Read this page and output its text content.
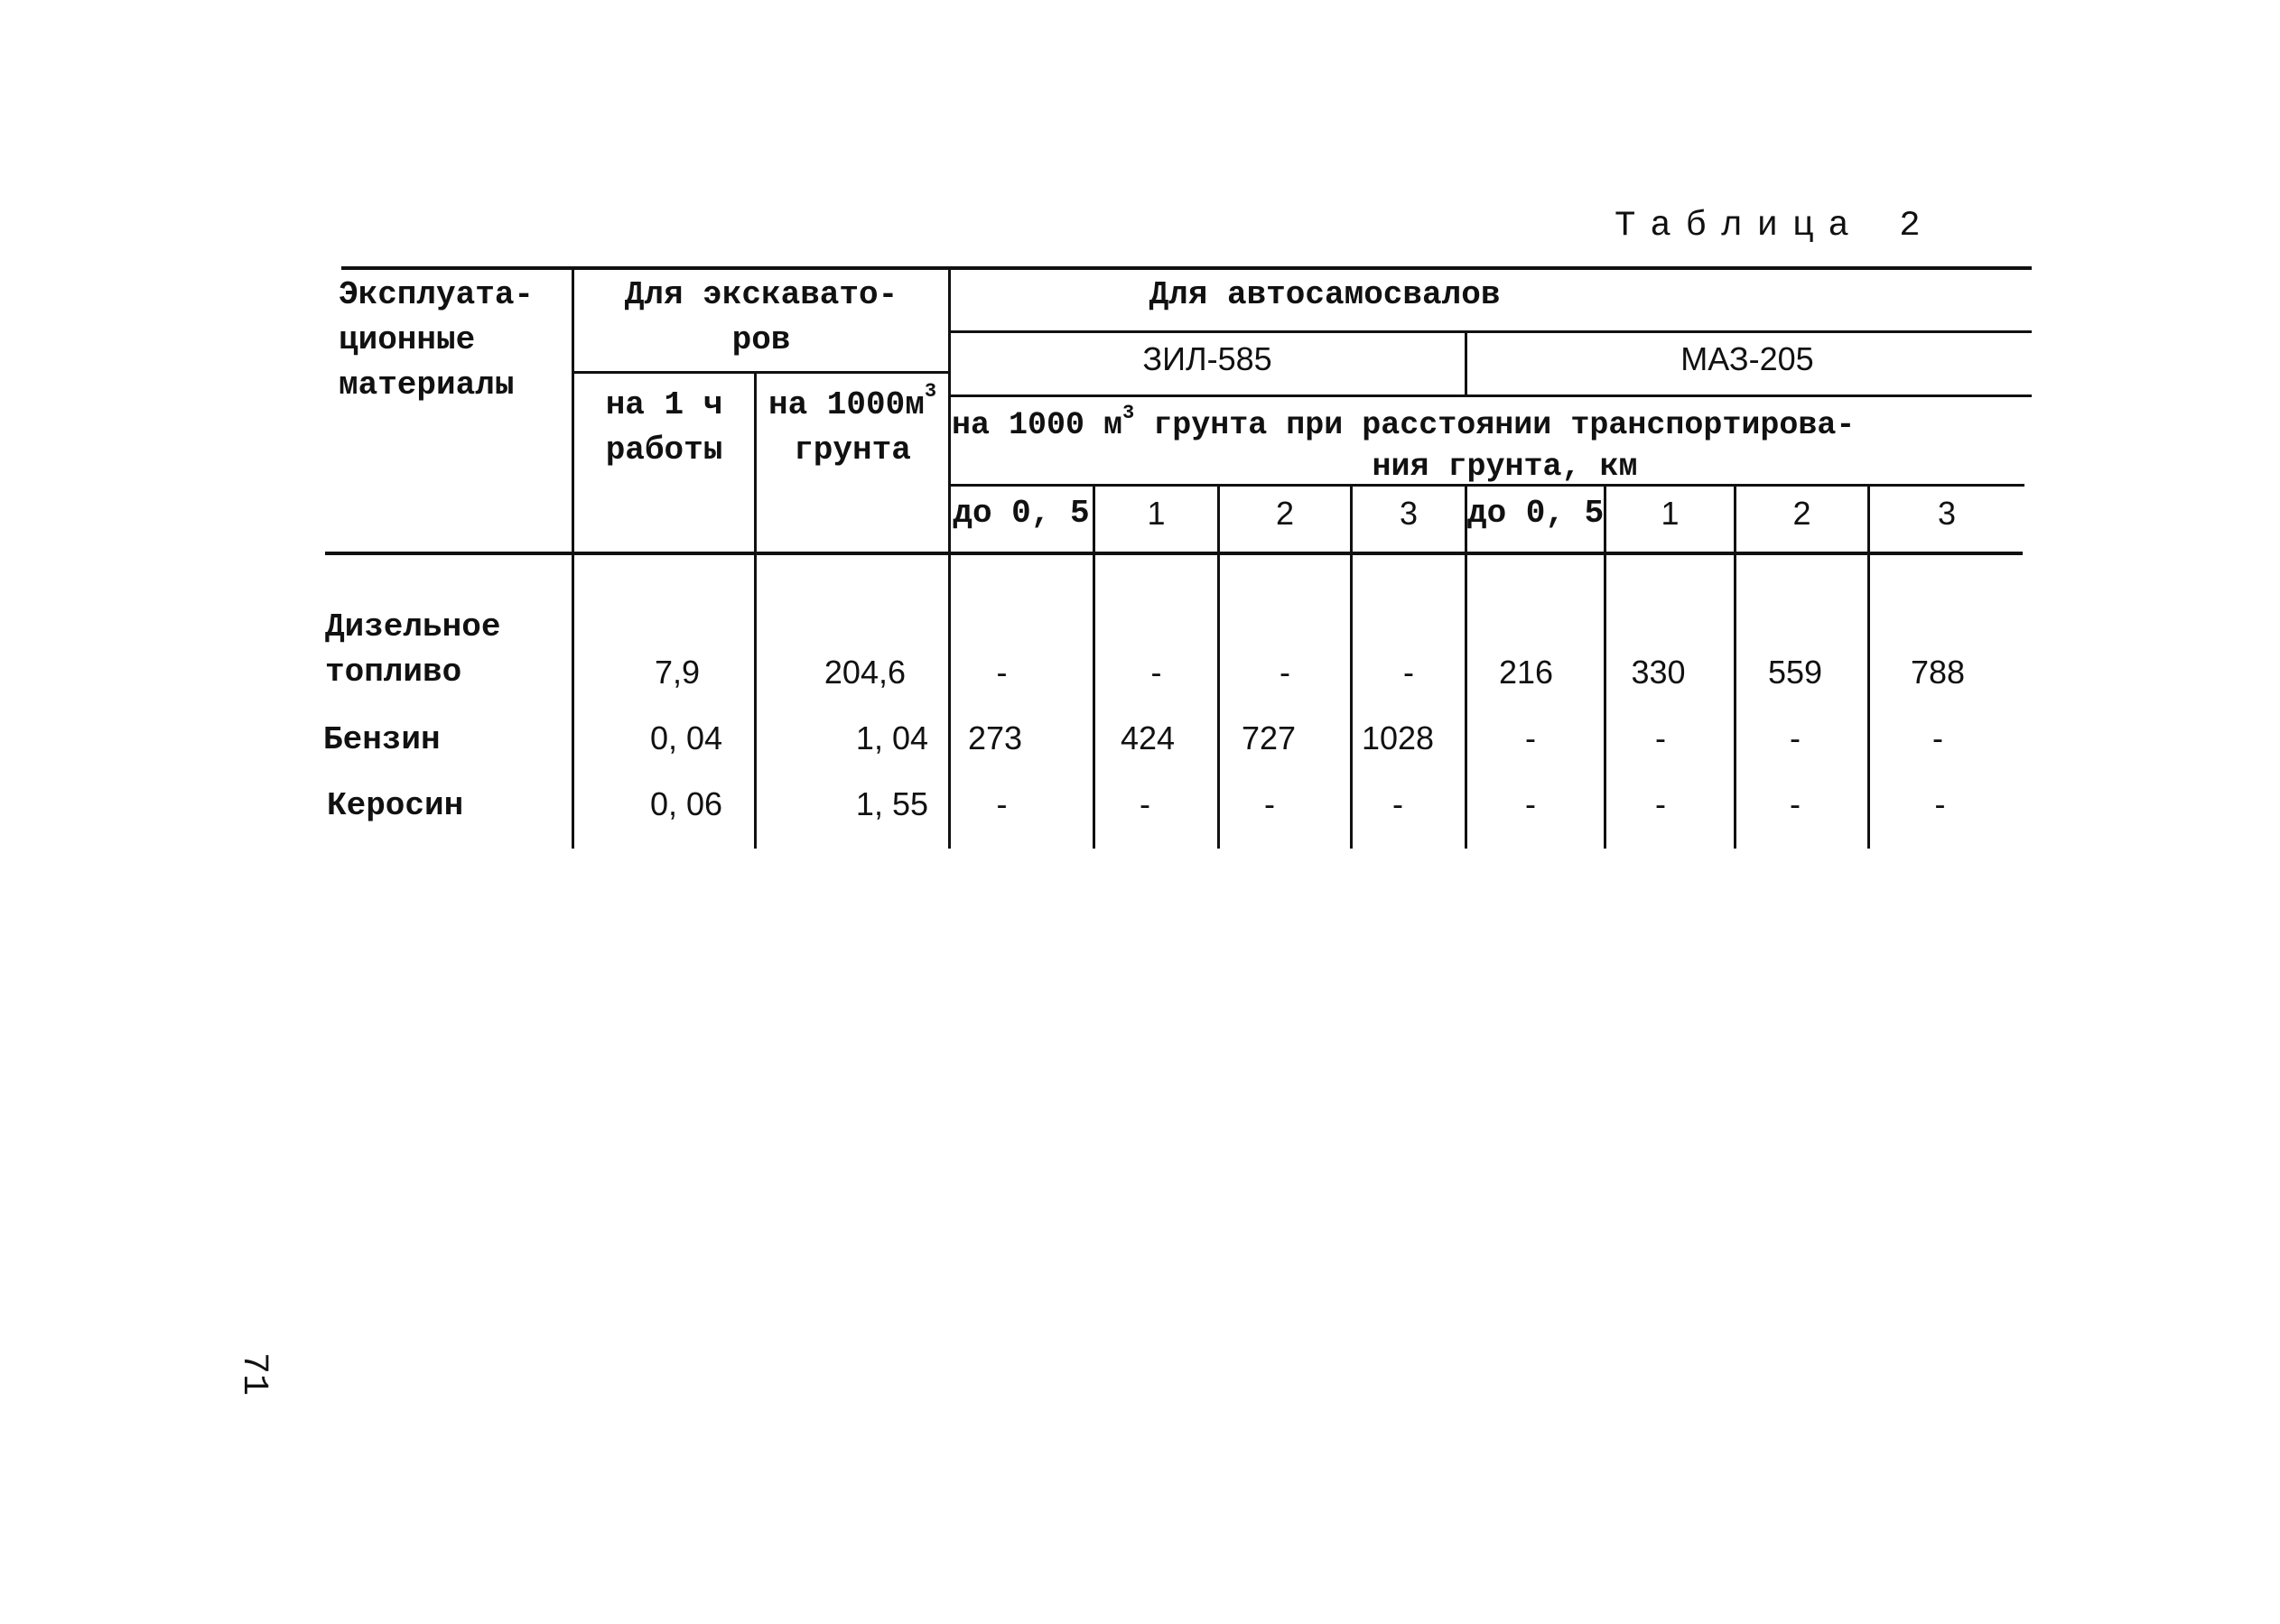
Таблица 2
Эксплуата-
ционные
материалы
Для экскавато-
ров
Для автосамосвалов
ЗИЛ-585	МАЗ-205
на 1 ч
работы
на $1000м^3$
грунта
на 1000 $м^3$ грунта при расстоянии транспортирова-
ния грунта, км
до 0, 5	1	2	3	до 0, 5	1	2	3
Дизельное
топливо	7,9	204,6	-	-	-	-	216	330	559	788
Бензин	0, 04	1, 04	273	424	727	1028	-	-	-	-
Керосин	0, 06	1, 55	-	-	-	-	-	-	-	-
71
